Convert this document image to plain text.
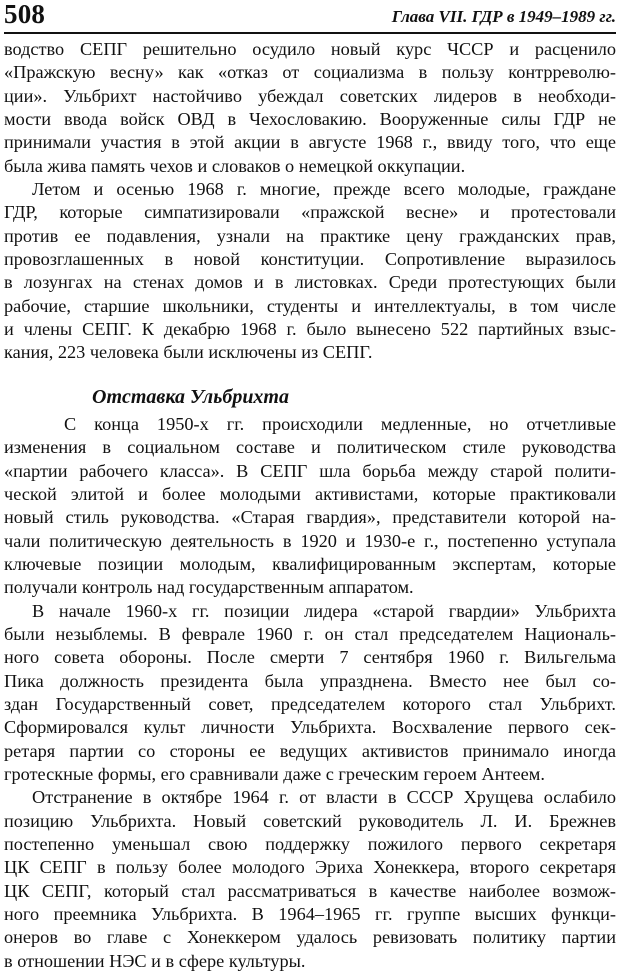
508	Глава VII. ГДР в 1949–1989 гг.
водство СЕПГ решительно осудило новый курс ЧССР и расценило
«Пражскую весну» как «отказ от социализма в пользу контрреволю-
ции». Ульбрихт настойчиво убеждал советских лидеров в необходи-
мости ввода войск ОВД в Чехословакию. Вооруженные силы ГДР не
принимали участия в этой акции в августе 1968 г., ввиду того, что еще
была жива память чехов и словаков о немецкой оккупации.
Летом и осенью 1968 г. многие, прежде всего молодые, граждане
ГДР, которые симпатизировали «пражской весне» и протестовали
против ее подавления, узнали на практике цену гражданских прав,
провозглашенных в новой конституции. Сопротивление выразилось
в лозунгах на стенах домов и в листовках. Среди протестующих были
рабочие, старшие школьники, студенты и интеллектуалы, в том числе
и члены СЕПГ. К декабрю 1968 г. было вынесено 522 партийных взыс-
кания, 223 человека были исключены из СЕПГ.
Отставка Ульбрихта
С конца 1950-х гг. происходили медленные, но отчетливые
изменения в социальном составе и политическом стиле руководства
«партии рабочего класса». В СЕПГ шла борьба между старой полити-
ческой элитой и более молодыми активистами, которые практиковали
новый стиль руководства. «Старая гвардия», представители которой на-
чали политическую деятельность в 1920 и 1930-е г., постепенно уступала
ключевые позиции молодым, квалифицированным экспертам, которые
получали контроль над государственным аппаратом.
В начале 1960-х гг. позиции лидера «старой гвардии» Ульбрихта
были незыблемы. В феврале 1960 г. он стал председателем Националь-
ного совета обороны. После смерти 7 сентября 1960 г. Вильгельма
Пика должность президента была упразднена. Вместо нее был со-
здан Государственный совет, председателем которого стал Ульбрихт.
Сформировался культ личности Ульбрихта. Восхваление первого сек-
ретаря партии со стороны ее ведущих активистов принимало иногда
гротескные формы, его сравнивали даже с греческим героем Антеем.
Отстранение в октябре 1964 г. от власти в СССР Хрущева ослабило
позицию Ульбрихта. Новый советский руководитель Л. И. Брежнев
постепенно уменьшал свою поддержку пожилого первого секретаря
ЦК СЕПГ в пользу более молодого Эриха Хонеккера, второго секретаря
ЦК СЕПГ, который стал рассматриваться в качестве наиболее возмож-
ного преемника Ульбрихта. В 1964–1965 гг. группе высших функци-
онеров во главе с Хонеккером удалось ревизовать политику партии
в отношении НЭС и в сфере культуры.
